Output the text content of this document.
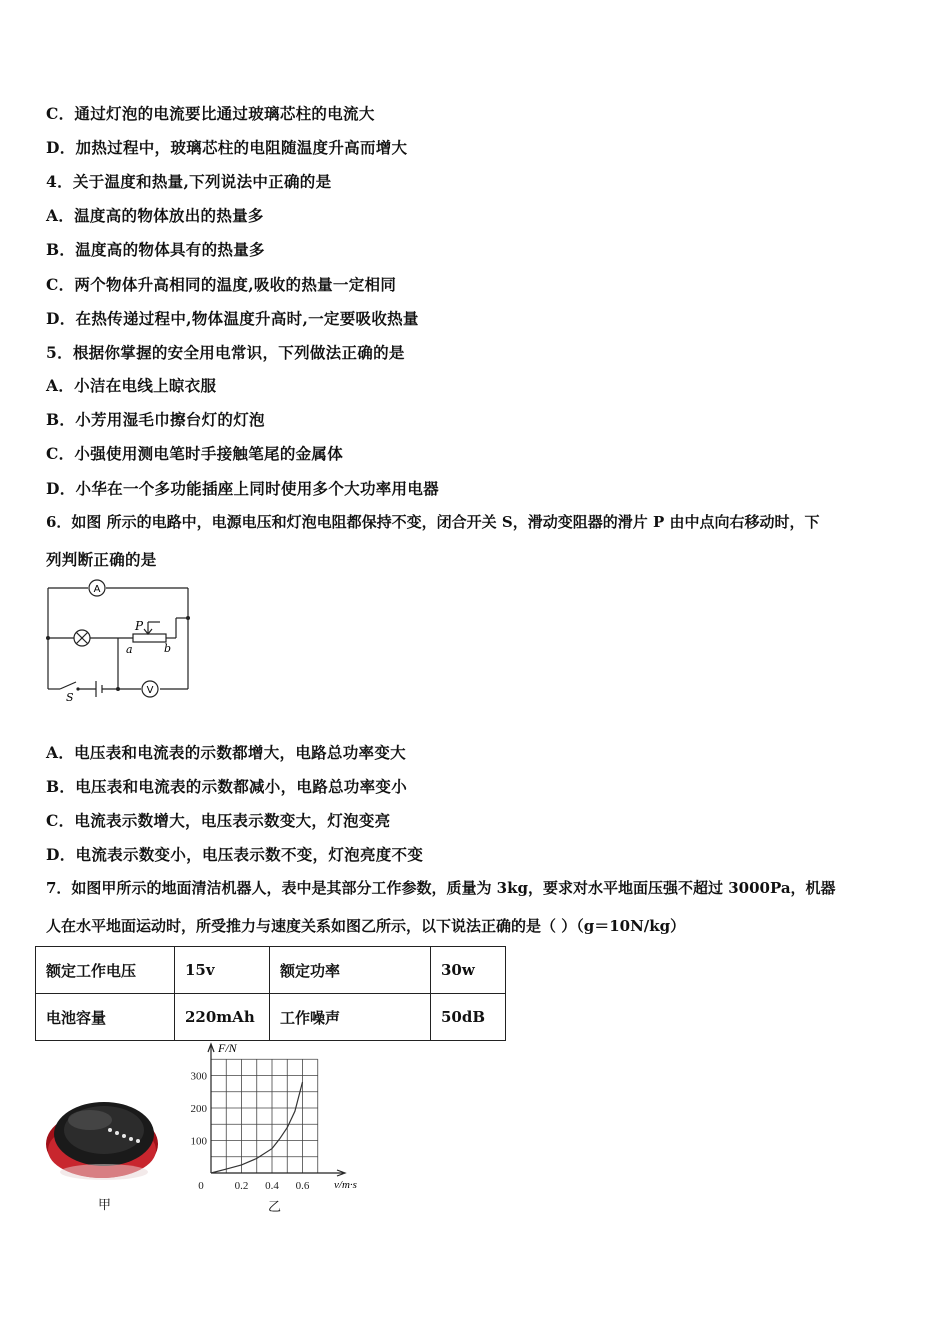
C．通过灯泡的电流要比通过玻璃芯柱的电流大
D．加热过程中，玻璃芯柱的电阻随温度升高而增大
4．关于温度和热量,下列说法中正确的是
A．温度高的物体放出的热量多
B．温度高的物体具有的热量多
C．两个物体升高相同的温度,吸收的热量一定相同
D．在热传递过程中,物体温度升高时,一定要吸收热量
5．根据你掌握的安全用电常识，下列做法正确的是
A．小洁在电线上晾衣服
B．小芳用湿毛巾擦台灯的灯泡
C．小强使用测电笔时手接触笔尾的金属体
D．小华在一个多功能插座上同时使用多个大功率用电器
6．如图 所示的电路中，电源电压和灯泡电阻都保持不变，闭合开关 S，滑动变阻器的滑片 P 由中点向右移动时，下
列判断正确的是
A
V
P
a	b
S
A．电压表和电流表的示数都增大，电路总功率变大
B．电压表和电流表的示数都减小，电路总功率变小
C．电流表示数增大，电压表示数变大，灯泡变亮
D．电流表示数变小，电压表示数不变，灯泡亮度不变
7．如图甲所示的地面清洁机器人，表中是其部分工作参数，质量为 3kg，要求对水平地面压强不超过 3000Pa，机器
人在水平地面运动时，所受推力与速度关系如图乙所示，以下说法正确的是（ ）（g＝10N/kg）
额定工作电压	15v	额定功率	30w
电池容量	220mAh	工作噪声	50dB
甲
0	0.2 0.4 0.6
100
200
300
F/N
v/m·s
乙
